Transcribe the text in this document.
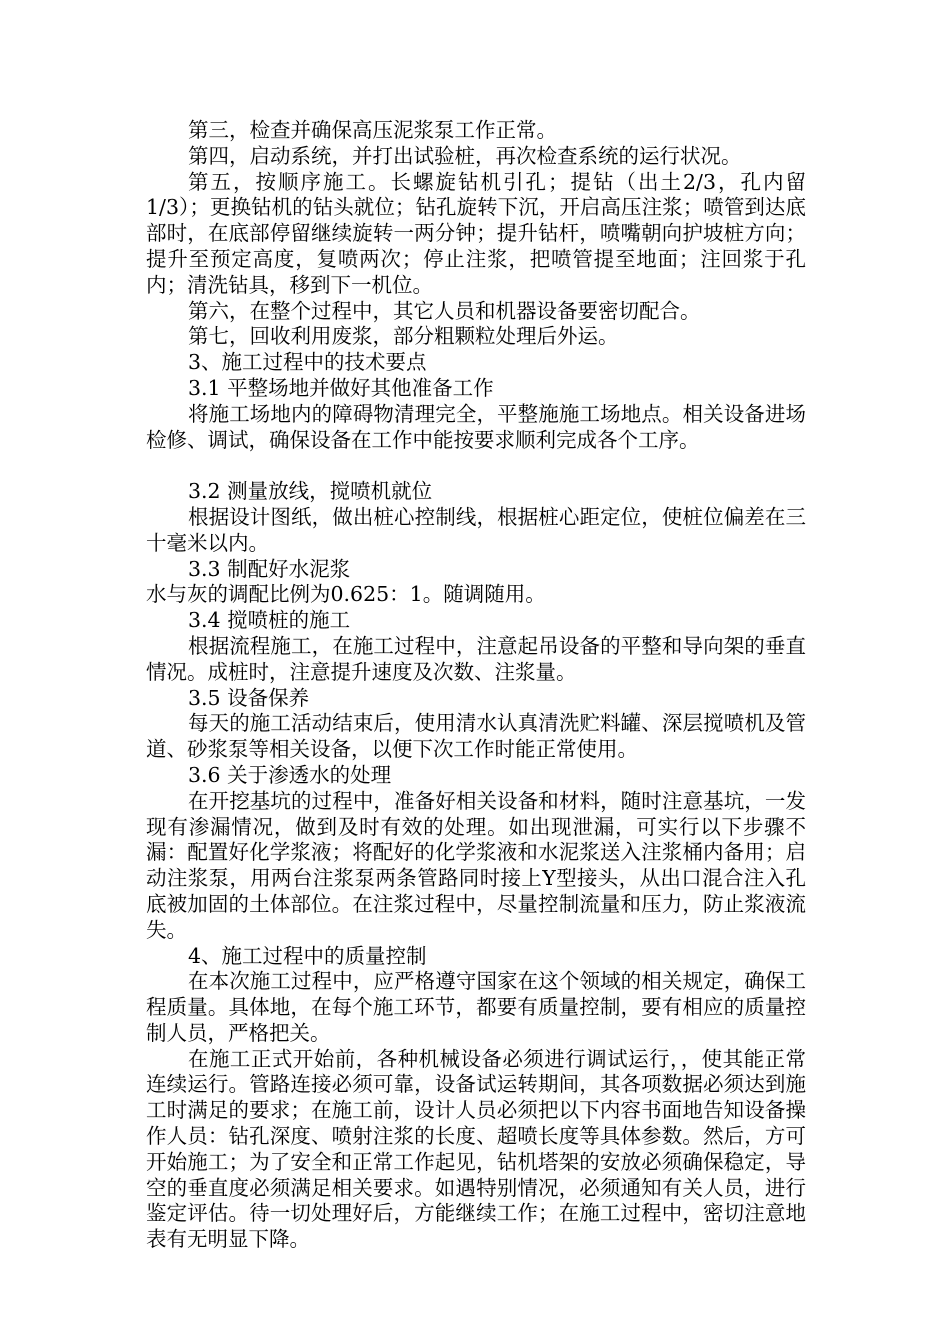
第三，检查并确保高压泥浆泵工作正常。

第四，启动系统，并打出试验桩，再次检查系统的运行状况。

第五，按顺序施工。长螺旋钻机引孔；提钻（出土2/3，孔内留1/3）；更换钻机的钻头就位；钻孔旋转下沉，开启高压注浆；喷管到达底部时，在底部停留继续旋转一两分钟；提升钻杆，喷嘴朝向护坡桩方向；提升至预定高度，复喷两次；停止注浆，把喷管提至地面；注回浆于孔内；清洗钻具，移到下一机位。

第六，在整个过程中，其它人员和机器设备要密切配合。

第七，回收利用废浆，部分粗颗粒处理后外运。

3、施工过程中的技术要点

3.1 平整场地并做好其他准备工作

将施工场地内的障碍物清理完全，平整施施工场地点。相关设备进场检修、调试，确保设备在工作中能按要求顺利完成各个工序。

3.2 测量放线，搅喷机就位

根据设计图纸，做出桩心控制线，根据桩心距定位，使桩位偏差在三十毫米以内。

3.3 制配好水泥浆

水与灰的调配比例为0.625：1。随调随用。

3.4 搅喷桩的施工

根据流程施工，在施工过程中，注意起吊设备的平整和导向架的垂直情况。成桩时，注意提升速度及次数、注浆量。

3.5 设备保养

每天的施工活动结束后，使用清水认真清洗贮料罐、深层搅喷机及管道、砂浆泵等相关设备，以便下次工作时能正常使用。

3.6 关于渗透水的处理

在开挖基坑的过程中，准备好相关设备和材料，随时注意基坑，一发现有渗漏情况，做到及时有效的处理。如出现泄漏，可实行以下步骤不漏：配置好化学浆液；将配好的化学浆液和水泥浆送入注浆桶内备用；启动注浆泵，用两台注浆泵两条管路同时接上Y型接头，从出口混合注入孔底被加固的土体部位。在注浆过程中，尽量控制流量和压力，防止浆液流失。

4、施工过程中的质量控制

在本次施工过程中，应严格遵守国家在这个领域的相关规定，确保工程质量。具体地，在每个施工环节，都要有质量控制，要有相应的质量控制人员，严格把关。

在施工正式开始前，各种机械设备必须进行调试运行，，使其能正常连续运行。管路连接必须可靠，设备试运转期间，其各项数据必须达到施工时满足的要求；在施工前，设计人员必须把以下内容书面地告知设备操作人员：钻孔深度、喷射注浆的长度、超喷长度等具体参数。然后，方可开始施工；为了安全和正常工作起见，钻机塔架的安放必须确保稳定，导空的垂直度必须满足相关要求。如遇特别情况，必须通知有关人员，进行鉴定评估。待一切处理好后，方能继续工作；在施工过程中，密切注意地表有无明显下降。
